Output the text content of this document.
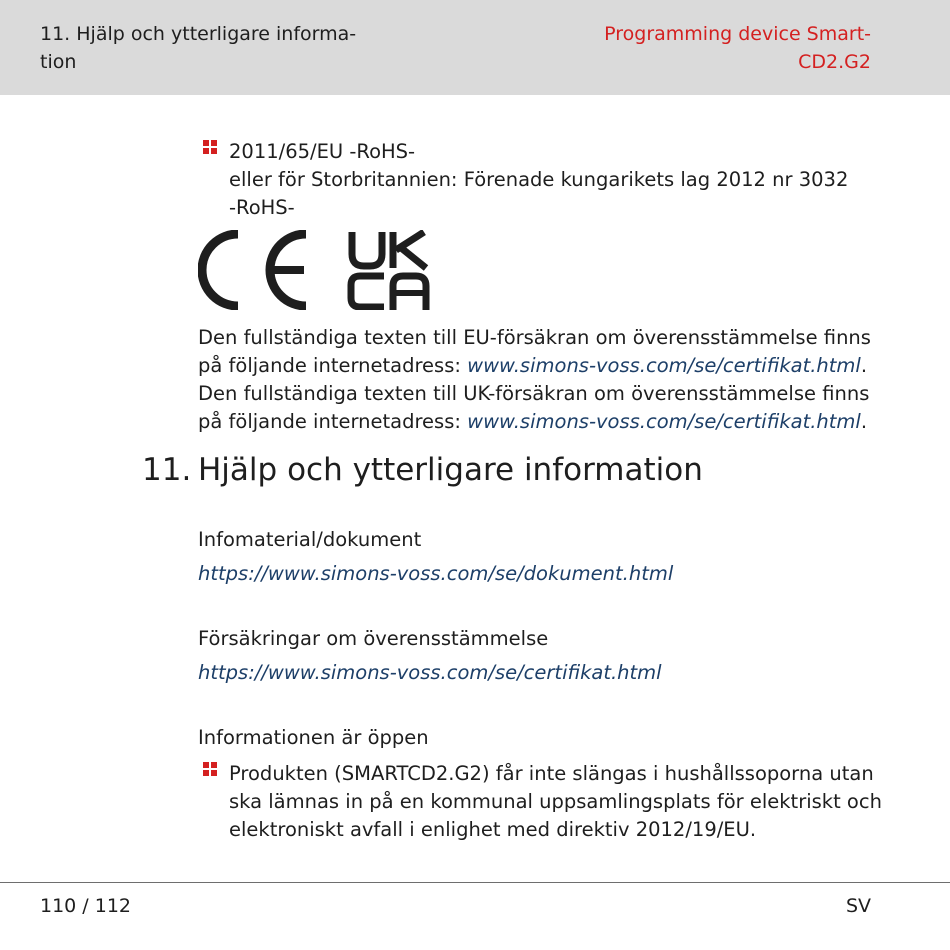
11. Hjälp och ytterligare informa-
tion
Programming device Smart-
CD2.G2
2011/65/EU -RoHS-
eller för Storbritannien: Förenade kungarikets lag 2012 nr 3032
-RoHS-
Den fullständiga texten till EU-försäkran om överensstämmelse finns
på följande internetadress: www.simons-voss.com/se/certifikat.html.
Den fullständiga texten till UK-försäkran om överensstämmelse finns
på följande internetadress: www.simons-voss.com/se/certifikat.html.
11. Hjälp och ytterligare information
Infomaterial/dokument
https://www.simons-voss.com/se/dokument.html
Försäkringar om överensstämmelse
https://www.simons-voss.com/se/certifikat.html
Informationen är öppen
Produkten (SMARTCD2.G2) får inte slängas i hushållssoporna utan
ska lämnas in på en kommunal uppsamlingsplats för elektriskt och
elektroniskt avfall i enlighet med direktiv 2012/19/EU.
110 / 112	SV
